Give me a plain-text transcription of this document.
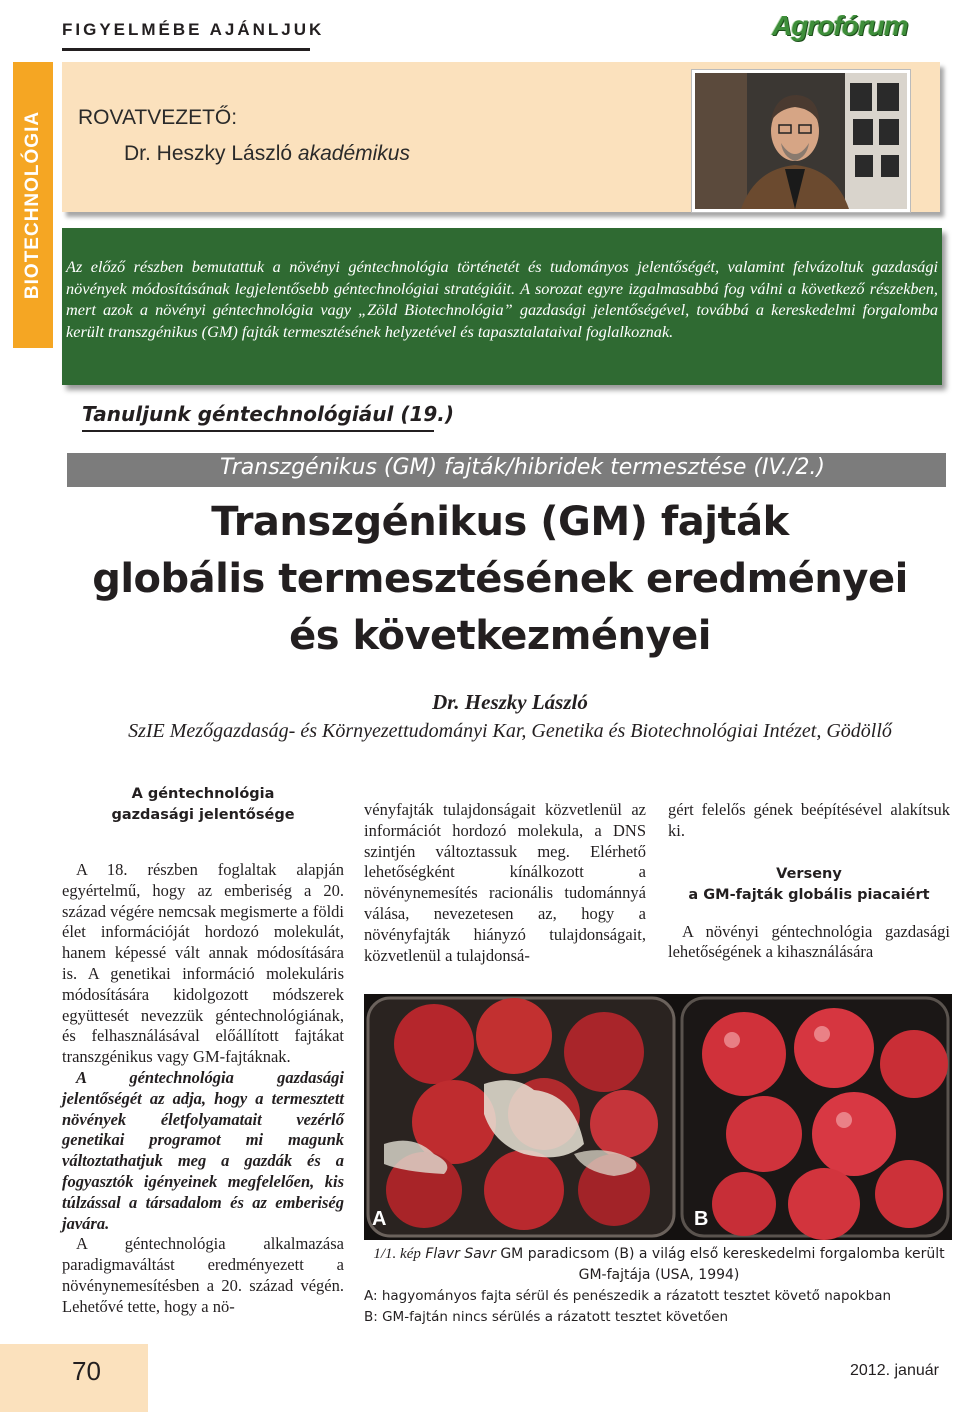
FIGYELMÉBE AJÁNLJUK	Agrofórum
BIOTECHNOLÓGIA ROVATVEZETŐ:
Dr. Heszky László akadémikus
Az előző részben bemutattuk a növényi géntechnológia történetét és tudományos jelentőségét, valamint felvázoltuk gazdasági növények módosításának legjelentősebb géntechnológiai stratégiáit. A sorozat egyre izgalmasabbá fog válni a következő részekben, mert azok a növényi géntechnológia vagy „Zöld Biotechnológia” gazdasági jelentőségével, továbbá a kereskedelmi forgalomba került transzgénikus (GM) fajták termesztésének helyzetével és tapasztalataival foglalkoznak.
Tanuljunk géntechnológiául (19.)
Transzgénikus (GM) fajták/hibridek termesztése (IV./2.)
Transzgénikus (GM) fajták
globális termesztésének eredményei
és következményei
Dr. Heszky László
SzIE Mezőgazdaság- és Környezettudományi Kar, Genetika és Biotechnológiai Intézet, Gödöllő
A géntechnológia
gazdasági jelentősége

A 18. részben foglaltak alapján egyértelmű, hogy az emberiség a 20. század végére nemcsak megismerte a földi élet információját hordozó molekulát, hanem képessé vált annak módosítására is. A genetikai információ molekuláris módosítására kidolgozott módszerek együttesét nevezzük géntechnológiának, és felhasználásával előállított fajtákat transzgénikus vagy GM-fajtáknak.

A géntechnológia gazdasági jelentőségét az adja, hogy a termesztett növények életfolyamatait vezérlő genetikai programot mi magunk változtathatjuk meg a gazdák és a fogyasztók igényeinek megfelelően, kis túlzással a társadalom és az emberiség javára.

A géntechnológia alkalmazása paradigmaváltást eredményezett a növénynemesítésben a 20. század végén. Lehetővé tette, hogy a nö-

vényfajták tulajdonságait közvetlenül az információt hordozó molekula, a DNS szintjén változtassuk meg. Elérhető lehetőségként kínálkozott a növénynemesítés racionális tudománnyá válása, nevezetesen az, hogy a növényfajták hiányzó tulajdonságait, közvetlenül a tulajdonsá-

gért felelős gének beépítésével alakítsuk ki.

Verseny
a GM-fajták globális piacaiért

A növényi géntechnológia gazdasági lehetőségének a kihasználására

A	B
1/1. kép Flavr Savr GM paradicsom (B) a világ első kereskedelmi forgalomba került GM-fajtája (USA, 1994)
A: hagyományos fajta sérül és penészedik a rázatott tesztet követő napokban
B: GM-fajtán nincs sérülés a rázatott tesztet követően
70	2012. január
